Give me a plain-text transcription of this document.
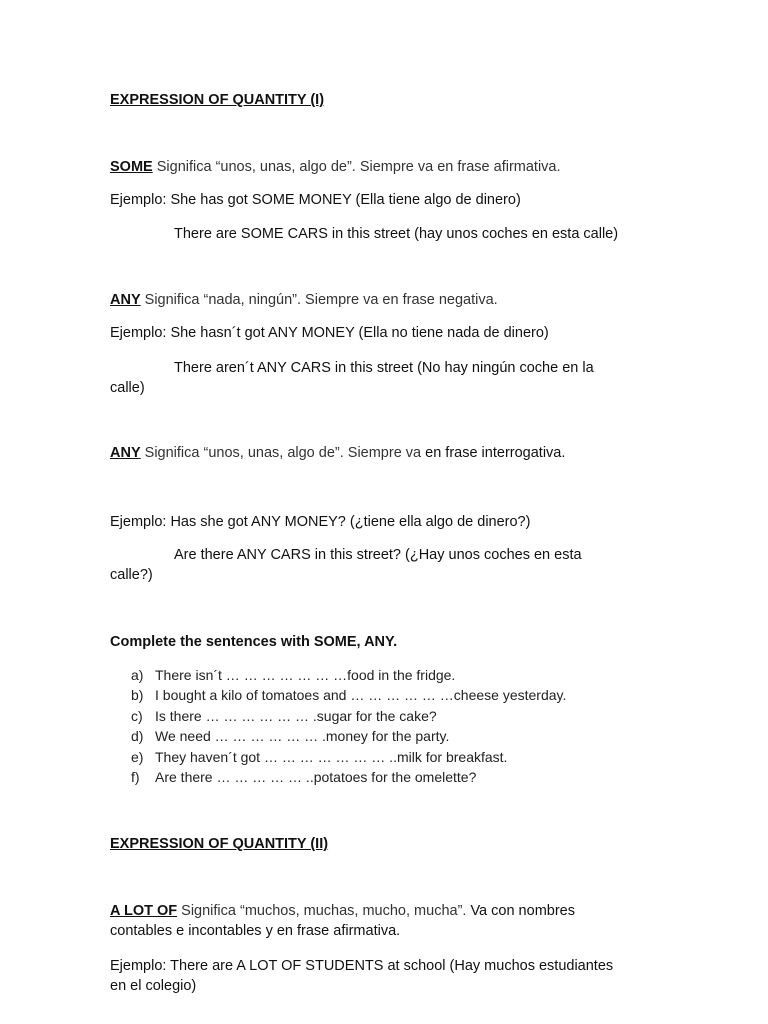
EXPRESSION OF QUANTITY (I)
SOME Significa “unos, unas, algo de”. Siempre va en frase afirmativa.
Ejemplo: She has got SOME MONEY (Ella tiene algo de dinero)
There are SOME CARS in this street (hay unos coches en esta calle)
ANY Significa “nada, ningún”. Siempre va en frase negativa.
Ejemplo: She hasn´t got ANY MONEY (Ella no tiene nada de dinero)
There aren´t ANY CARS in this street (No hay ningún coche en la
calle)
ANY Significa “unos, unas, algo de”. Siempre va en frase interrogativa.
Ejemplo: Has she got ANY MONEY? (¿tiene ella algo de dinero?)
Are there ANY CARS in this street? (¿Hay unos coches en esta
calle?)
Complete the sentences with SOME, ANY.
a) There isn´t … … … … … … …food in the fridge.
b) I bought a kilo of tomatoes and … … … … … …cheese yesterday.
c) Is there … … … … … … .sugar for the cake?
d) We need … … … … … … .money for the party.
e) They haven´t got … … … … … … … ..milk for breakfast.
f) Are there … … … … … ..potatoes for the omelette?
EXPRESSION OF QUANTITY (II)
A LOT OF Significa “muchos, muchas, mucho, mucha”. Va con nombres
contables e incontables y en frase afirmativa.
Ejemplo: There are A LOT OF STUDENTS at school (Hay muchos estudiantes
en el colegio)
